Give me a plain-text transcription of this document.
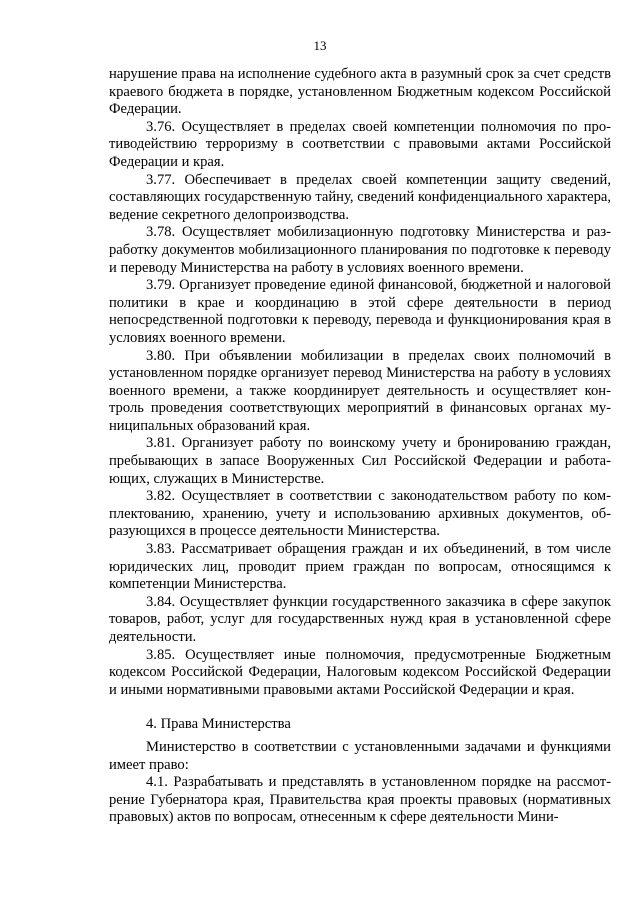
13

нарушение права на исполнение судебного акта в разумный срок за счет средств краевого бюджета в порядке, установленном Бюджетным кодексом Российской Федерации.

3.76. Осуществляет в пределах своей компетенции полномочия по противодействию терроризму в соответствии с правовыми актами Российской Федерации и края.

3.77. Обеспечивает в пределах своей компетенции защиту сведений, составляющих государственную тайну, сведений конфиденциального характера, ведение секретного делопроизводства.

3.78. Осуществляет мобилизационную подготовку Министерства и разработку документов мобилизационного планирования по подготовке к переводу и переводу Министерства на работу в условиях военного времени.

3.79. Организует проведение единой финансовой, бюджетной и налоговой политики в крае и координацию в этой сфере деятельности в период непосредственной подготовки к переводу, перевода и функционирования края в условиях военного времени.

3.80. При объявлении мобилизации в пределах своих полномочий в установленном порядке организует перевод Министерства на работу в условиях военного времени, а также координирует деятельность и осуществляет контроль проведения соответствующих мероприятий в финансовых органах муниципальных образований края.

3.81. Организует работу по воинскому учету и бронированию граждан, пребывающих в запасе Вооруженных Сил Российской Федерации и работающих, служащих в Министерстве.

3.82. Осуществляет в соответствии с законодательством работу по комплектованию, хранению, учету и использованию архивных документов, образующихся в процессе деятельности Министерства.

3.83. Рассматривает обращения граждан и их объединений, в том числе юридических лиц, проводит прием граждан по вопросам, относящимся к компетенции Министерства.

3.84. Осуществляет функции государственного заказчика в сфере закупок товаров, работ, услуг для государственных нужд края в установленной сфере деятельности.

3.85. Осуществляет иные полномочия, предусмотренные Бюджетным кодексом Российской Федерации, Налоговым кодексом Российской Федерации и иными нормативными правовыми актами Российской Федерации и края.

4. Права Министерства

Министерство в соответствии с установленными задачами и функциями имеет право:

4.1. Разрабатывать и представлять в установленном порядке на рассмотрение Губернатора края, Правительства края проекты правовых (нормативных правовых) актов по вопросам, отнесенным к сфере деятельности Мини-
